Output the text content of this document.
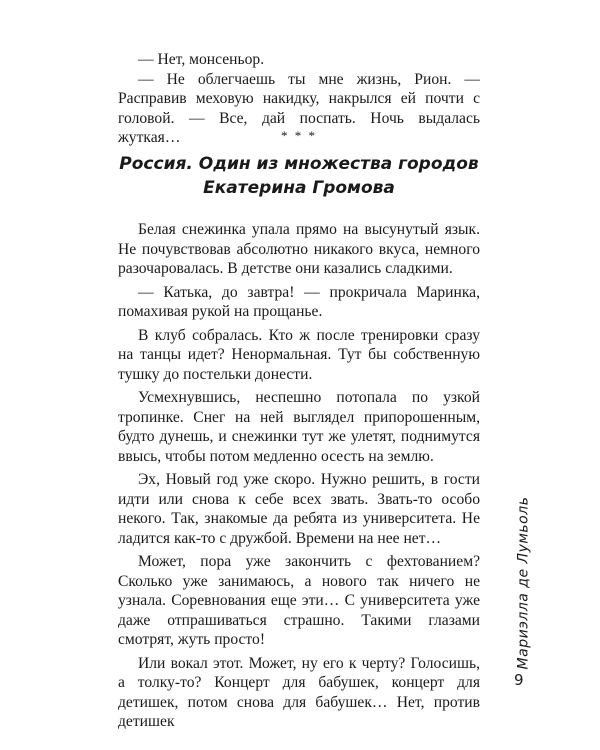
— Нет, монсеньор.

— Не облегчаешь ты мне жизнь, Рион. — Расправив меховую накидку, накрылся ей почти с головой. — Все, дай поспать. Ночь выдалась жуткая…	* * *
Россия. Один из множества городов
Екатерина Громова

Белая снежинка упала прямо на высунутый язык. Не почувствовав абсолютно никакого вкуса, немного разочаровалась. В детстве они казались сладкими.

— Катька, до завтра! — прокричала Маринка, помахивая рукой на прощанье.

В клуб собралась. Кто ж после тренировки сразу на танцы идет? Ненормальная. Тут бы собственную тушку до постельки донести.

Усмехнувшись, неспешно потопала по узкой тропинке. Снег на ней выглядел припорошенным, будто дунешь, и снежинки тут же улетят, поднимутся ввысь, чтобы потом медленно осесть на землю.

Эх, Новый год уже скоро. Нужно решить, в гости идти или снова к себе всех звать. Звать-то особо некого. Так, знакомые да ребята из университета. Не ладится как-то с дружбой. Времени на нее нет…

Может, пора уже закончить с фехтованием? Сколько уже занимаюсь, а нового так ничего не узнала. Соревнования еще эти… С университета уже даже отпрашиваться страшно. Такими глазами смотрят, жуть просто!

Или вокал этот. Может, ну его к черту? Голосишь, а толку-то? Концерт для бабушек, концерт для детишек, потом снова для бабушек… Нет, против детишек

Мариэлла де Лумьоль
9
